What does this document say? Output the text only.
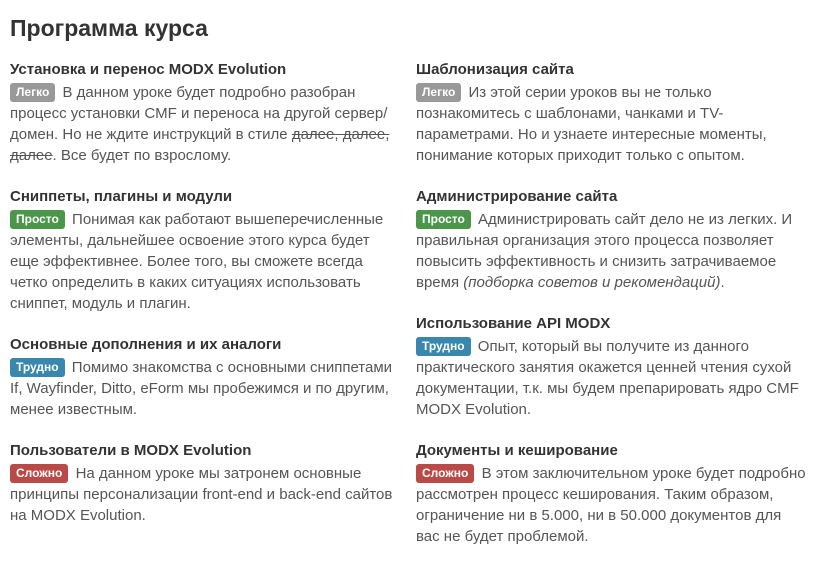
Программа курса
Установка и перенос MODX Evolution

Легко В данном уроке будет подробно разобран процесс установки CMF и переноса на другой сервер/домен. Но не ждите инструкций в стиле далее, далее, далее. Все будет по взрослому.

Сниппеты, плагины и модули

Просто Понимая как работают вышеперечисленные элементы, дальнейшее освоение этого курса будет еще эффективнее. Более того, вы сможете всегда четко определить в каких ситуациях использовать сниппет, модуль и плагин.

Основные дополнения и их аналоги

Трудно Помимо знакомства с основными сниппетами If, Wayfinder, Ditto, eForm мы пробежимся и по другим, менее известным.

Пользователи в MODX Evolution

Сложно На данном уроке мы затронем основные принципы персонализации front-end и back-end сайтов на MODX Evolution.

Шаблонизация сайта

Легко Из этой серии уроков вы не только познакомитесь с шаблонами, чанками и TV-параметрами. Но и узнаете интересные моменты, понимание которых приходит только с опытом.

Администрирование сайта

Просто Администрировать сайт дело не из легких. И правильная организация этого процесса позволяет повысить эффективность и снизить затрачиваемое время (подборка советов и рекомендаций).

Использование API MODX

Трудно Опыт, который вы получите из данного практического занятия окажется ценней чтения сухой документации, т.к. мы будем препарировать ядро CMF MODX Evolution.

Документы и кеширование

Сложно В этом заключительном уроке будет подробно рассмотрен процесс кеширования. Таким образом, ограничение ни в 5.000, ни в 50.000 документов для вас не будет проблемой.
